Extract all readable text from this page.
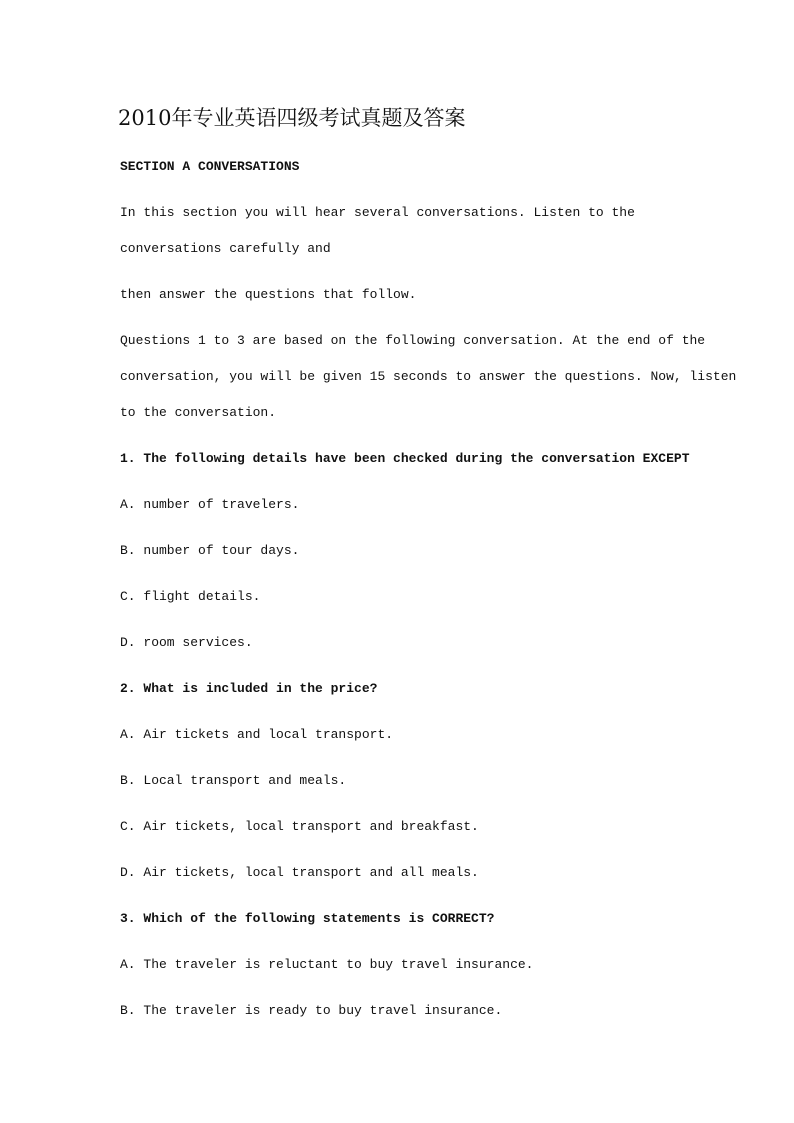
2010年专业英语四级考试真题及答案

SECTION A CONVERSATIONS

In this section you will hear several conversations. Listen to the

conversations carefully and

then answer the questions that follow.

Questions 1 to 3 are based on the following conversation. At the end of the

conversation, you will be given 15 seconds to answer the questions. Now, listen

to the conversation.

1. The following details have been checked during the conversation EXCEPT

A. number of travelers.

B. number of tour days.

C. flight details.

D. room services.

2. What is included in the price?

A. Air tickets and local transport.

B. Local transport and meals.

C. Air tickets, local transport and breakfast.

D. Air tickets, local transport and all meals.

3. Which of the following statements is CORRECT?

A. The traveler is reluctant to buy travel insurance.

B. The traveler is ready to buy travel insurance.
